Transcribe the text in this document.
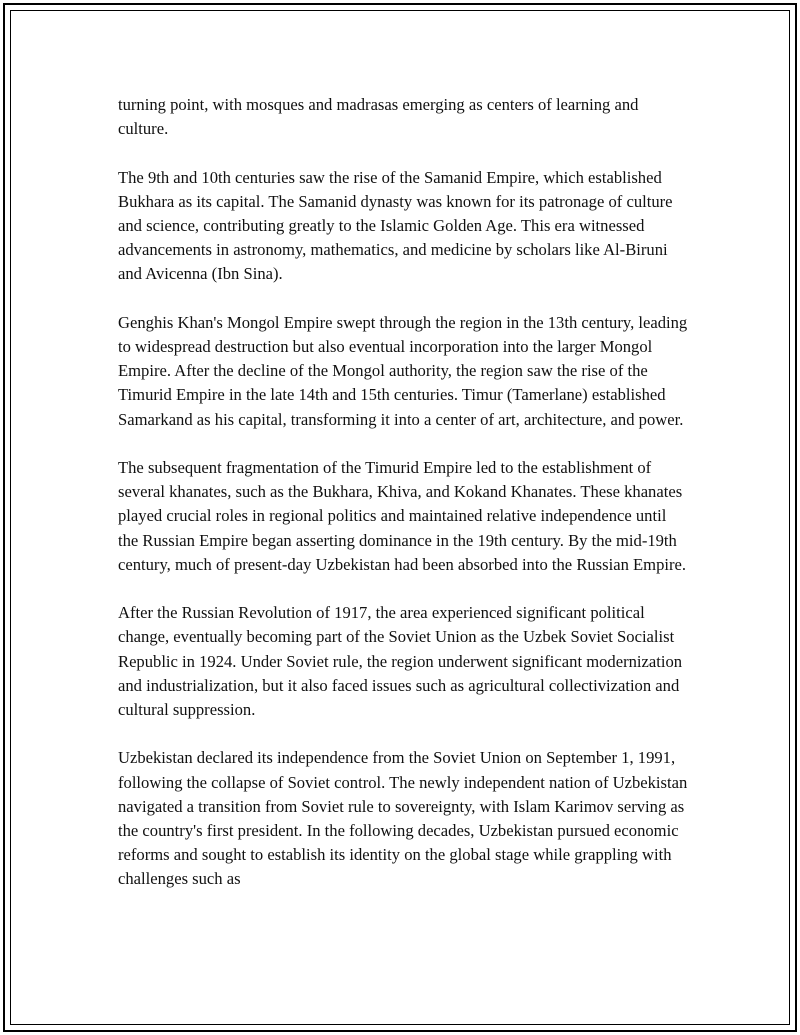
turning point, with mosques and madrasas emerging as centers of learning and culture.

The 9th and 10th centuries saw the rise of the Samanid Empire, which established Bukhara as its capital. The Samanid dynasty was known for its patronage of culture and science, contributing greatly to the Islamic Golden Age. This era witnessed advancements in astronomy, mathematics, and medicine by scholars like Al-Biruni and Avicenna (Ibn Sina).

Genghis Khan's Mongol Empire swept through the region in the 13th century, leading to widespread destruction but also eventual incorporation into the larger Mongol Empire. After the decline of the Mongol authority, the region saw the rise of the Timurid Empire in the late 14th and 15th centuries. Timur (Tamerlane) established Samarkand as his capital, transforming it into a center of art, architecture, and power.

The subsequent fragmentation of the Timurid Empire led to the establishment of several khanates, such as the Bukhara, Khiva, and Kokand Khanates. These khanates played crucial roles in regional politics and maintained relative independence until the Russian Empire began asserting dominance in the 19th century. By the mid-19th century, much of present-day Uzbekistan had been absorbed into the Russian Empire.

After the Russian Revolution of 1917, the area experienced significant political change, eventually becoming part of the Soviet Union as the Uzbek Soviet Socialist Republic in 1924. Under Soviet rule, the region underwent significant modernization and industrialization, but it also faced issues such as agricultural collectivization and cultural suppression.

Uzbekistan declared its independence from the Soviet Union on September 1, 1991, following the collapse of Soviet control. The newly independent nation of Uzbekistan navigated a transition from Soviet rule to sovereignty, with Islam Karimov serving as the country's first president. In the following decades, Uzbekistan pursued economic reforms and sought to establish its identity on the global stage while grappling with challenges such as
